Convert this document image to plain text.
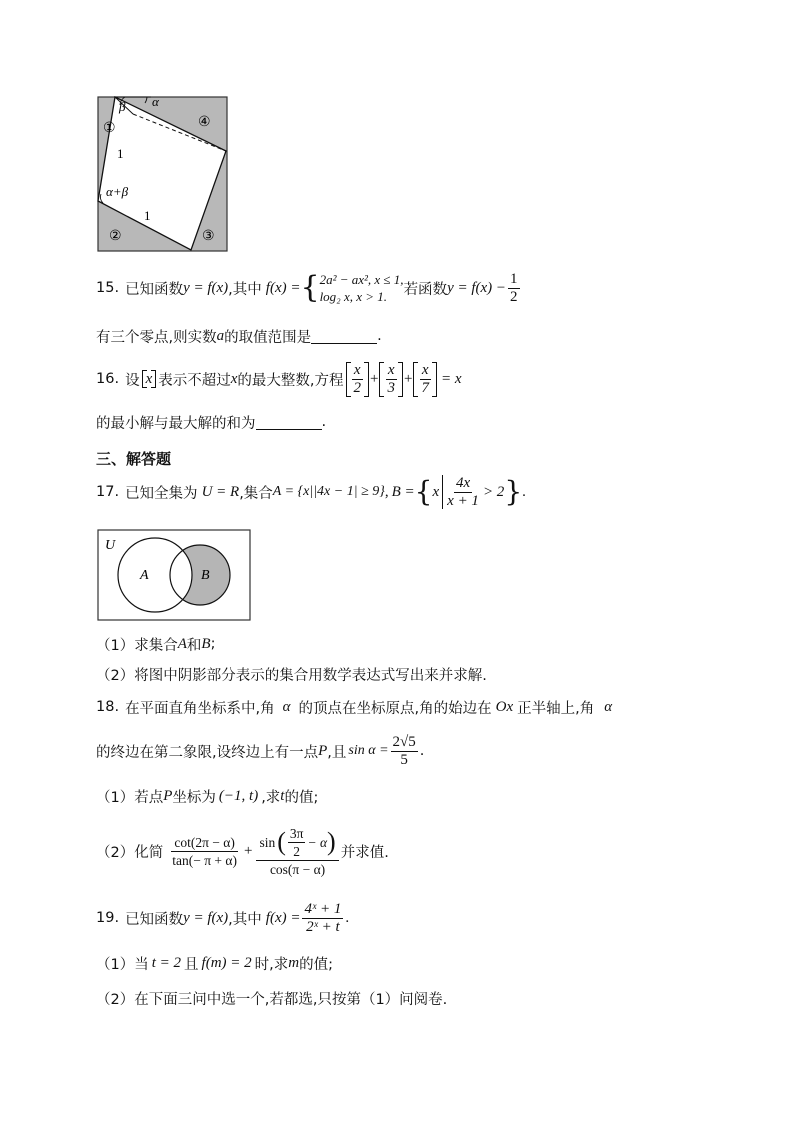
β α
①	④
1
α+β
1
②	③
15. 已知函数 y = f(x) ,其中 f(x) = { 2a² − ax², x ≤ 1,
log₂ x, x > 1.	若函数 $y = f(x) - \frac{1}{2}$
有三个零点,则实数 a 的取值范围是	.
16. 设 x 表示不超过 x 的最大整数,方程 $\frac{x}{2} + \frac{x}{3} + \frac{x}{7} = x$
的最小解与最大解的和为	.
三、解答题
17. 已知全集为 U = R ,集合 A = {x||4x − 1| ≥ 9} , B = { x $\frac{4x}{x + 1} > 2$ } .
U
A	B
（1）求集合 A 和 B ;
（2）将图中阴影部分表示的集合用数学表达式写出来并求解.
18. 在平面直角坐标系中,角 α 的顶点在坐标原点,角的始边在 Ox 正半轴上,角 α
的终边在第二象限,设终边上有一点 P ,且 $\sin \alpha = \frac{2√5}{5}$ .
（1）若点 P 坐标为 (−1, t) ,求 t 的值;
（2）化简 $\frac{\cot(2\pi - \alpha)}{\tan(- \pi + \alpha)}$ +
sin ( $\frac{3\pi}{2} - \alpha$ )
cos(π − α)
并求值.
19. 已知函数 y = f(x) ,其中 $f(x) = \frac{\text{4ˣ + 1}}{\text{2ˣ + t}}$ .
（1）当 t = 2 且 f(m) = 2 时,求 m 的值;
（2）在下面三问中选一个,若都选,只按第（1）问阅卷.
